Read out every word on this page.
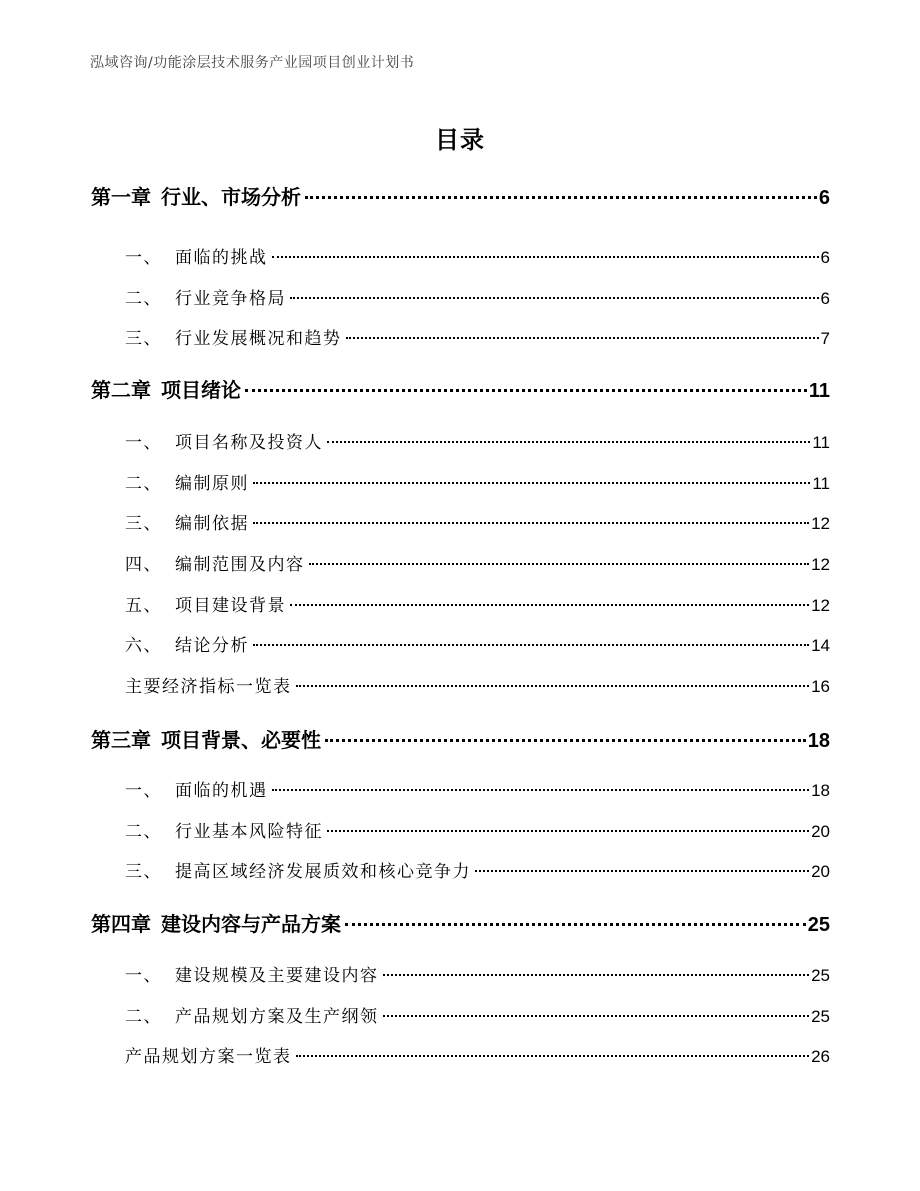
泓域咨询/功能涂层技术服务产业园项目创业计划书
目录
第一章 行业、市场分析	6
一、 面临的挑战	6
二、 行业竞争格局	6
三、 行业发展概况和趋势	7
第二章 项目绪论	11
一、 项目名称及投资人	11
二、 编制原则	11
三、 编制依据	12
四、 编制范围及内容	12
五、 项目建设背景	12
六、 结论分析	14
主要经济指标一览表	16
第三章 项目背景、必要性	18
一、 面临的机遇	18
二、 行业基本风险特征	20
三、 提高区域经济发展质效和核心竞争力	20
第四章 建设内容与产品方案	25
一、 建设规模及主要建设内容	25
二、 产品规划方案及生产纲领	25
产品规划方案一览表	26
